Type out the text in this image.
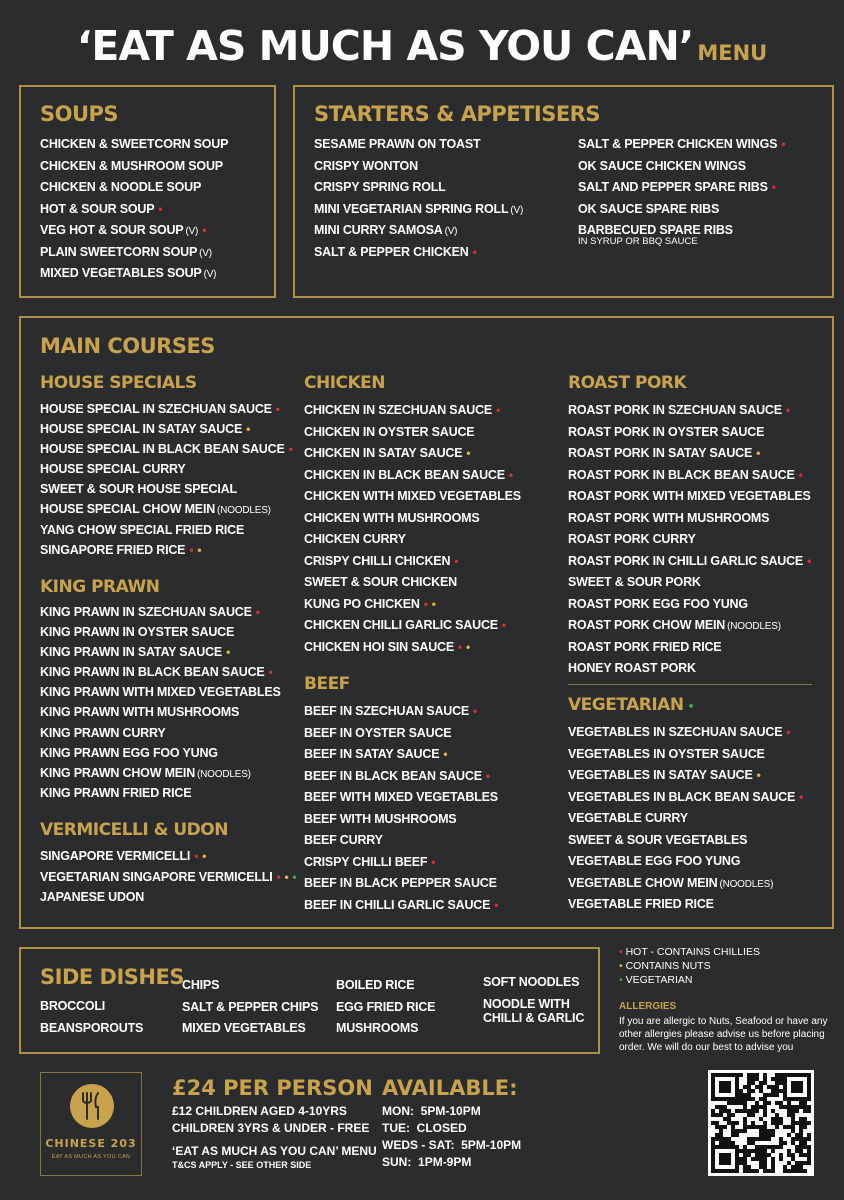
‘EAT AS MUCH AS YOU CAN’ MENU
SOUPS
CHICKEN & SWEETCORN SOUP
CHICKEN & MUSHROOM SOUP
CHICKEN & NOODLE SOUP
HOT & SOUR SOUP •
VEG HOT & SOUR SOUP (V) •
PLAIN SWEETCORN SOUP (V)
MIXED VEGETABLES SOUP (V)
STARTERS & APPETISERS
SESAME PRAWN ON TOAST
CRISPY WONTON
CRISPY SPRING ROLL
MINI VEGETARIAN SPRING ROLL (V)
MINI CURRY SAMOSA (V)
SALT & PEPPER CHICKEN •
SALT & PEPPER CHICKEN WINGS •
OK SAUCE CHICKEN WINGS
SALT AND PEPPER SPARE RIBS •
OK SAUCE SPARE RIBS
BARBECUED SPARE RIBS
IN SYRUP OR BBQ SAUCE
MAIN COURSES
HOUSE SPECIALS
HOUSE SPECIAL IN SZECHUAN SAUCE •
HOUSE SPECIAL IN SATAY SAUCE •
HOUSE SPECIAL IN BLACK BEAN SAUCE •
HOUSE SPECIAL CURRY
SWEET & SOUR HOUSE SPECIAL
HOUSE SPECIAL CHOW MEIN (NOODLES)
YANG CHOW SPECIAL FRIED RICE
SINGAPORE FRIED RICE • •
KING PRAWN
KING PRAWN IN SZECHUAN SAUCE •
KING PRAWN IN OYSTER SAUCE
KING PRAWN IN SATAY SAUCE •
KING PRAWN IN BLACK BEAN SAUCE •
KING PRAWN WITH MIXED VEGETABLES
KING PRAWN WITH MUSHROOMS
KING PRAWN CURRY
KING PRAWN EGG FOO YUNG
KING PRAWN CHOW MEIN (NOODLES)
KING PRAWN FRIED RICE
VERMICELLI & UDON
SINGAPORE VERMICELLI • •
VEGETARIAN SINGAPORE VERMICELLI • • •
JAPANESE UDON
CHICKEN
CHICKEN IN SZECHUAN SAUCE •
CHICKEN IN OYSTER SAUCE
CHICKEN IN SATAY SAUCE •
CHICKEN IN BLACK BEAN SAUCE •
CHICKEN WITH MIXED VEGETABLES
CHICKEN WITH MUSHROOMS
CHICKEN CURRY
CRISPY CHILLI CHICKEN •
SWEET & SOUR CHICKEN
KUNG PO CHICKEN • •
CHICKEN CHILLI GARLIC SAUCE •
CHICKEN HOI SIN SAUCE • •
BEEF
BEEF IN SZECHUAN SAUCE •
BEEF IN OYSTER SAUCE
BEEF IN SATAY SAUCE •
BEEF IN BLACK BEAN SAUCE •
BEEF WITH MIXED VEGETABLES
BEEF WITH MUSHROOMS
BEEF CURRY
CRISPY CHILLI BEEF •
BEEF IN BLACK PEPPER SAUCE
BEEF IN CHILLI GARLIC SAUCE •
ROAST PORK
ROAST PORK IN SZECHUAN SAUCE •
ROAST PORK IN OYSTER SAUCE
ROAST PORK IN SATAY SAUCE •
ROAST PORK IN BLACK BEAN SAUCE •
ROAST PORK WITH MIXED VEGETABLES
ROAST PORK WITH MUSHROOMS
ROAST PORK CURRY
ROAST PORK IN CHILLI GARLIC SAUCE •
SWEET & SOUR PORK
ROAST PORK EGG FOO YUNG
ROAST PORK CHOW MEIN (NOODLES)
ROAST PORK FRIED RICE
HONEY ROAST PORK
VEGETARIAN •
VEGETABLES IN SZECHUAN SAUCE •
VEGETABLES IN OYSTER SAUCE
VEGETABLES IN SATAY SAUCE •
VEGETABLES IN BLACK BEAN SAUCE •
VEGETABLE CURRY
SWEET & SOUR VEGETABLES
VEGETABLE EGG FOO YUNG
VEGETABLE CHOW MEIN (NOODLES)
VEGETABLE FRIED RICE
SIDE DISHES
BROCCOLI
BEANSPOROUTS
CHIPS
SALT & PEPPER CHIPS
MIXED VEGETABLES
BOILED RICE
EGG FRIED RICE
MUSHROOMS
SOFT NOODLES
NOODLE WITH CHILLI & GARLIC
• HOT - CONTAINS CHILLIES
• CONTAINS NUTS
• VEGETARIAN
ALLERGIES
If you are allergic to Nuts, Seafood or have any other allergies please advise us before placing order. We will do our best to advise you
CHINESE 203
EAT AS MUCH AS YOU CAN
£24 PER PERSON
£12 CHILDREN AGED 4-10YRS
CHILDREN 3YRS & UNDER - FREE
‘EAT AS MUCH AS YOU CAN’ MENU
T&CS APPLY - SEE OTHER SIDE
AVAILABLE:
MON: 5PM-10PM
TUE: CLOSED
WEDS - SAT: 5PM-10PM
SUN: 1PM-9PM
